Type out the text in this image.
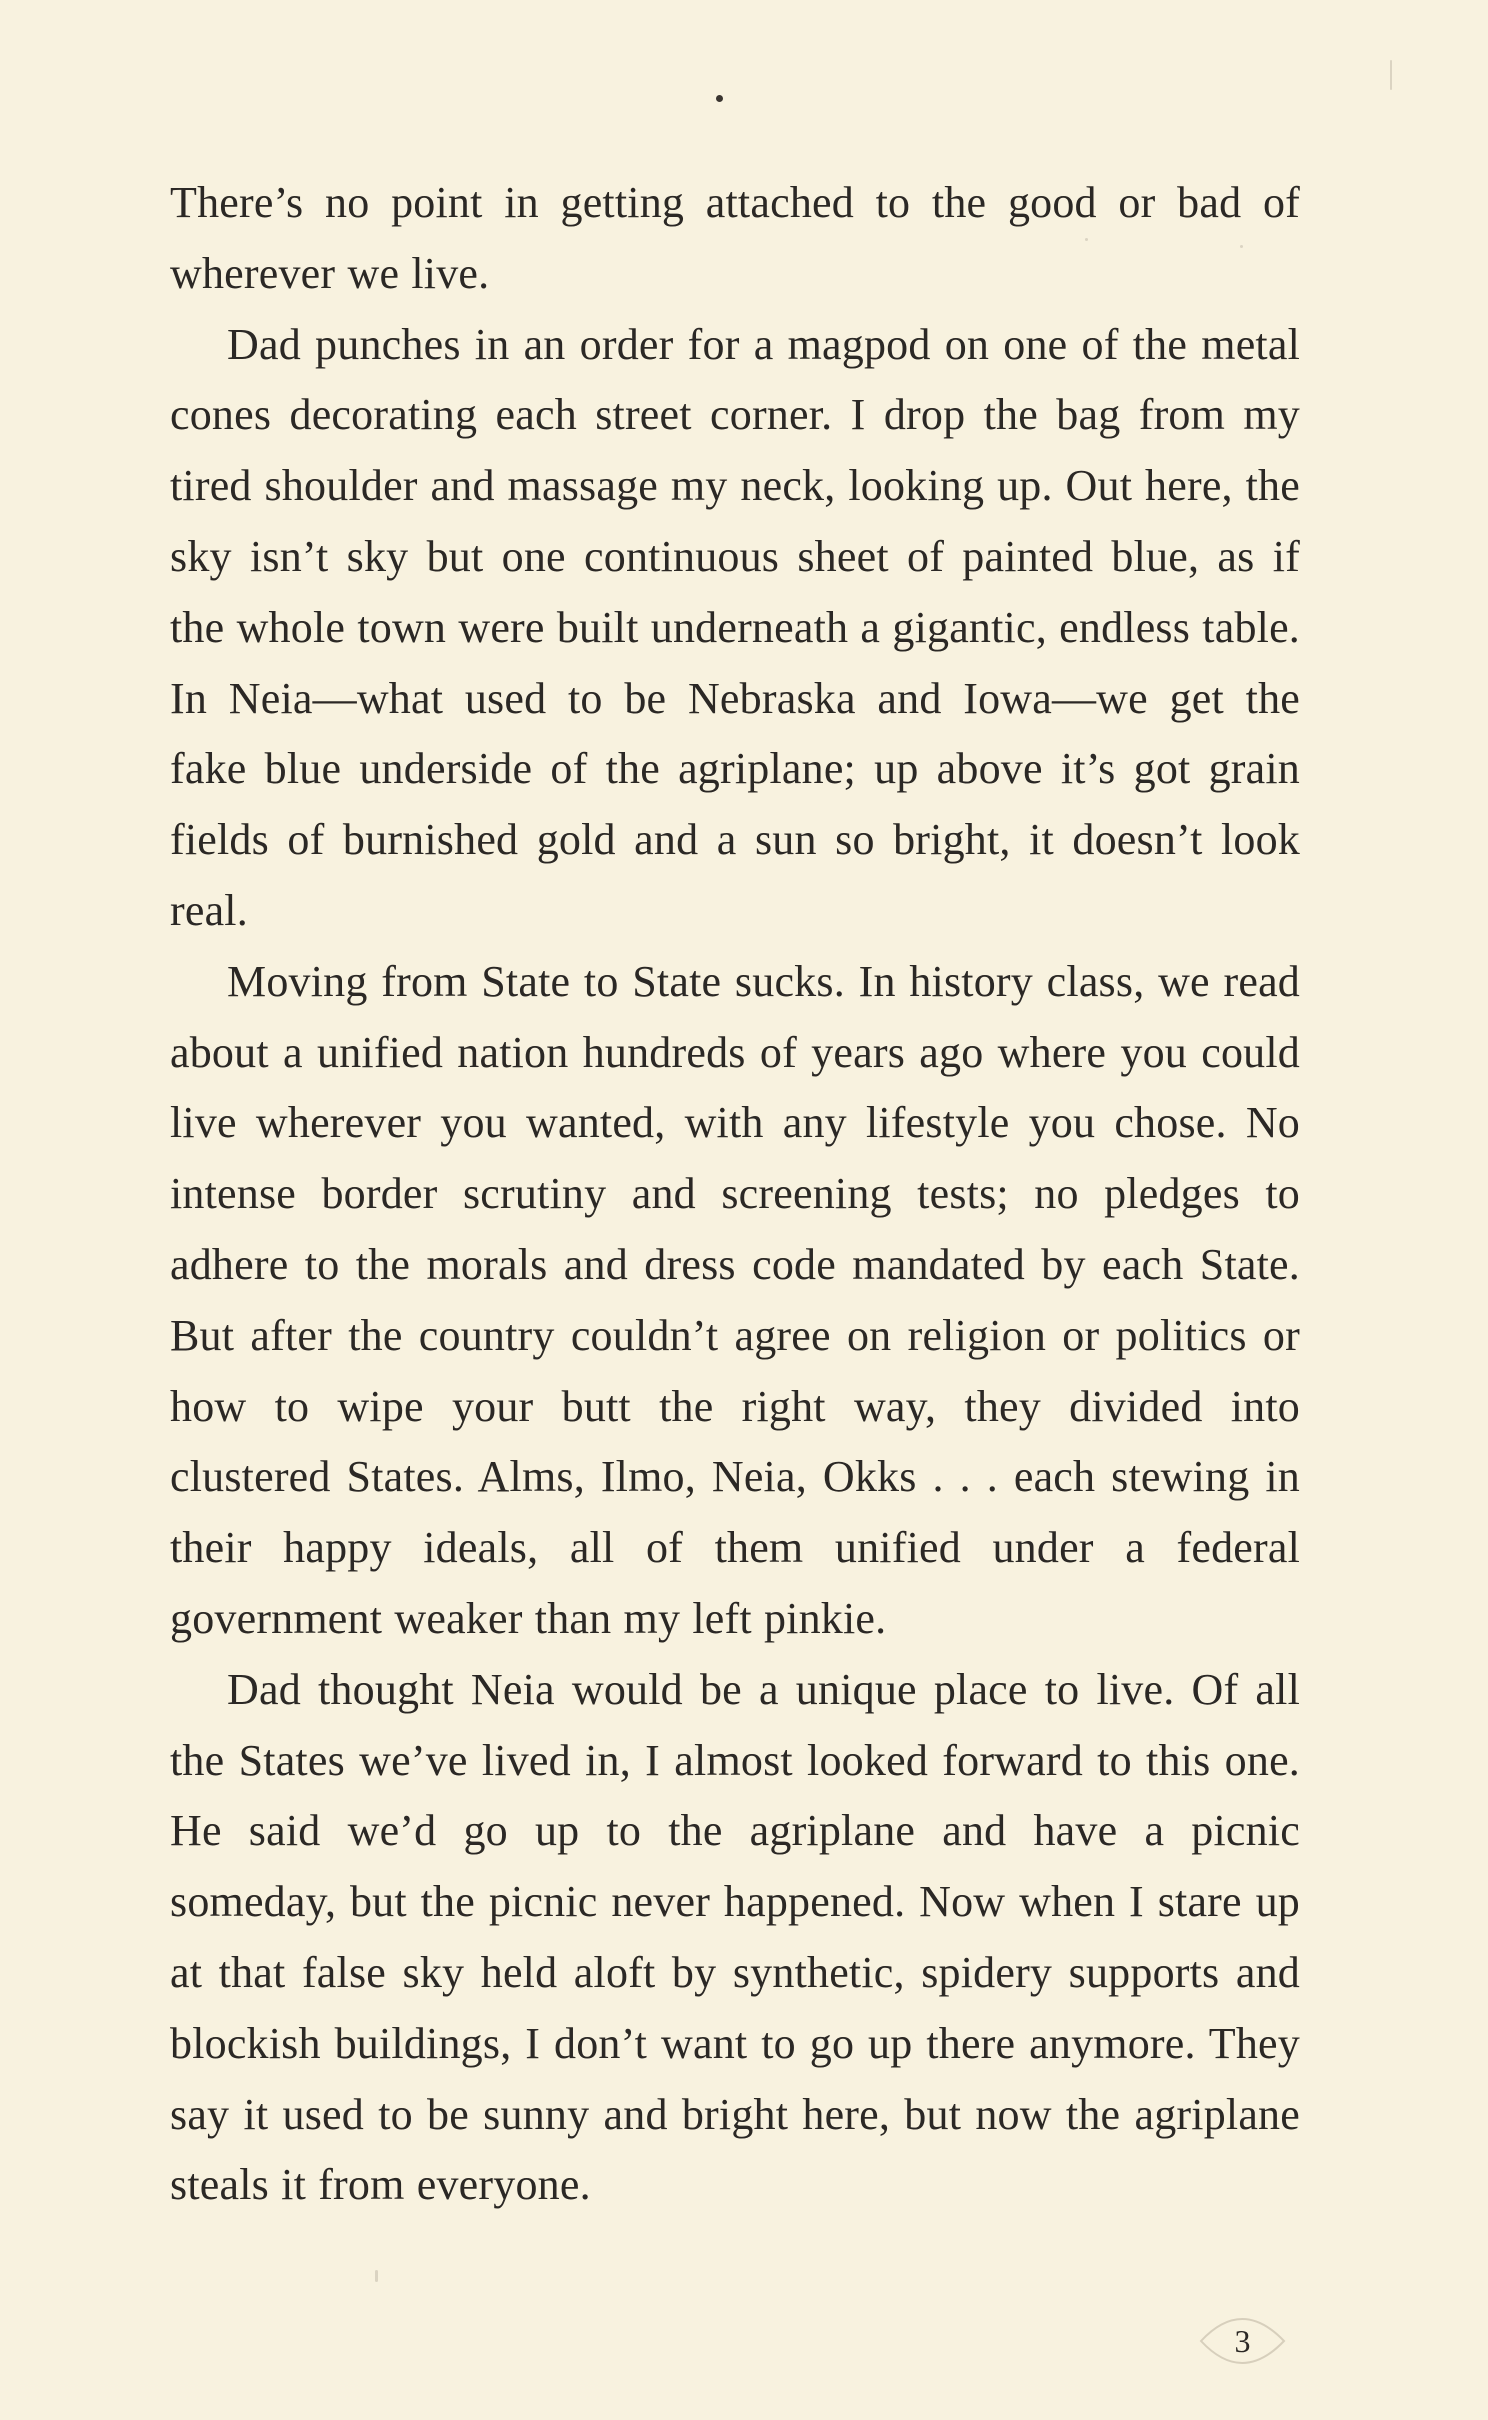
There’s no point in getting attached to the good or bad of wherever we live.

Dad punches in an order for a magpod on one of the metal cones decorating each street corner. I drop the bag from my tired shoulder and massage my neck, looking up. Out here, the sky isn’t sky but one continuous sheet of painted blue, as if the whole town were built underneath a gigantic, endless table. In Neia—what used to be Nebraska and Iowa—we get the fake blue underside of the agriplane; up above it’s got grain fields of burnished gold and a sun so bright, it doesn’t look real.

Moving from State to State sucks. In history class, we read about a unified nation hundreds of years ago where you could live wherever you wanted, with any lifestyle you chose. No intense border scrutiny and screening tests; no pledges to adhere to the morals and dress code mandated by each State. But after the country couldn’t agree on religion or politics or how to wipe your butt the right way, they divided into clustered States. Alms, Ilmo, Neia, Okks . . . each stewing in their happy ideals, all of them unified under a federal government weaker than my left pinkie.

Dad thought Neia would be a unique place to live. Of all the States we’ve lived in, I almost looked forward to this one. He said we’d go up to the agriplane and have a picnic someday, but the picnic never happened. Now when I stare up at that false sky held aloft by synthetic, spidery supports and blockish buildings, I don’t want to go up there anymore. They say it used to be sunny and bright here, but now the agriplane steals it from everyone.

3
